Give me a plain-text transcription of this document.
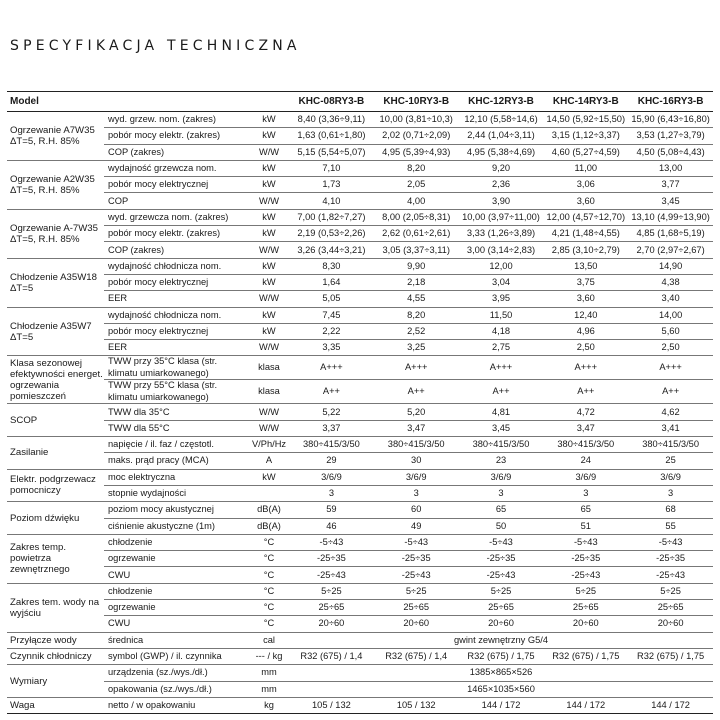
SPECYFIKACJA TECHNICZNA
Model			KHC-08RY3-B	KHC-10RY3-B	KHC-12RY3-B	KHC-14RY3-B	KHC-16RY3-B
Ogrzewanie A7W35 ΔT=5, R.H. 85%	wyd. grzew. nom. (zakres)	kW	8,40 (3,36÷9,11)	10,00 (3,81÷10,3)	12,10 (5,58÷14,6)	14,50 (5,92÷15,50)	15,90 (6,43÷16,80)
	pobór mocy elektr. (zakres)	kW	1,63 (0,61÷1,80)	2,02 (0,71÷2,09)	2,44 (1,04÷3,11)	3,15 (1,12÷3,37)	3,53 (1,27÷3,79)
	COP (zakres)	W/W	5,15 (5,54÷5,07)	4,95 (5,39÷4,93)	4,95 (5,38÷4,69)	4,60 (5,27÷4,59)	4,50 (5,08÷4,43)
Ogrzewanie A2W35 ΔT=5, R.H. 85%	wydajność grzewcza nom.	kW	7,10	8,20	9,20	11,00	13,00
	pobór mocy elektrycznej	kW	1,73	2,05	2,36	3,06	3,77
	COP	W/W	4,10	4,00	3,90	3,60	3,45
Ogrzewanie A-7W35 ΔT=5, R.H. 85%	wyd. grzewcza nom. (zakres)	kW	7,00 (1,82÷7,27)	8,00 (2,05÷8,31)	10,00 (3,97÷11,00)	12,00 (4,57÷12,70)	13,10 (4,99÷13,90)
	pobór mocy elektr. (zakres)	kW	2,19 (0,53÷2,26)	2,62 (0,61÷2,61)	3,33 (1,26÷3,89)	4,21 (1,48÷4,55)	4,85 (1,68÷5,19)
	COP (zakres)	W/W	3,26 (3,44÷3,21)	3,05 (3,37÷3,11)	3,00 (3,14÷2,83)	2,85 (3,10÷2,79)	2,70 (2,97÷2,67)
Chłodzenie A35W18 ΔT=5	wydajność chłodnicza nom.	kW	8,30	9,90	12,00	13,50	14,90
	pobór mocy elektrycznej	kW	1,64	2,18	3,04	3,75	4,38
	EER	W/W	5,05	4,55	3,95	3,60	3,40
Chłodzenie A35W7 ΔT=5	wydajność chłodnicza nom.	kW	7,45	8,20	11,50	12,40	14,00
	pobór mocy elektrycznej	kW	2,22	2,52	4,18	4,96	5,60
	EER	W/W	3,35	3,25	2,75	2,50	2,50
Klasa sezonowej efektywności energet. ogrzewania pomieszczeń	TWW przy 35°C klasa (str. klimatu umiarkowanego)	klasa	A+++	A+++	A+++	A+++	A+++
	TWW przy 55°C klasa (str. klimatu umiarkowanego)	klasa	A++	A++	A++	A++	A++
SCOP	TWW dla 35°C	W/W	5,22	5,20	4,81	4,72	4,62
	TWW dla 55°C	W/W	3,37	3,47	3,45	3,47	3,41
Zasilanie	napięcie / il. faz / częstotl.	V/Ph/Hz	380÷415/3/50	380÷415/3/50	380÷415/3/50	380÷415/3/50	380÷415/3/50
	maks. prąd pracy (MCA)	A	29	30	23	24	25
Elektr. podgrzewacz pomocniczy	moc elektryczna	kW	3/6/9	3/6/9	3/6/9	3/6/9	3/6/9
	stopnie wydajności		3	3	3	3	3
Poziom dźwięku	poziom mocy akustycznej	dB(A)	59	60	65	65	68
	ciśnienie akustyczne (1m)	dB(A)	46	49	50	51	55
Zakres temp. powietrza zewnętrznego	chłodzenie	°C	-5÷43	-5÷43	-5÷43	-5÷43	-5÷43
	ogrzewanie	°C	-25÷35	-25÷35	-25÷35	-25÷35	-25÷35
	CWU	°C	-25÷43	-25÷43	-25÷43	-25÷43	-25÷43
Zakres tem. wody na wyjściu	chłodzenie	°C	5÷25	5÷25	5÷25	5÷25	5÷25
	ogrzewanie	°C	25÷65	25÷65	25÷65	25÷65	25÷65
	CWU	°C	20÷60	20÷60	20÷60	20÷60	20÷60
Przyłącze wody	średnica	cal	gwint zewnętrzny G5/4				
Czynnik chłodniczy	symbol (GWP) / il. czynnika	--- / kg	R32 (675) / 1,4	R32 (675) / 1,4	R32 (675) / 1,75	R32 (675) / 1,75	R32 (675) / 1,75
Wymiary	urządzenia (sz./wys./dł.)	mm	1385×865×526				
	opakowania (sz./wys./dł.)	mm	1465×1035×560				
Waga	netto / w opakowaniu	kg	105 / 132	105 / 132	144 / 172	144 / 172	144 / 172
